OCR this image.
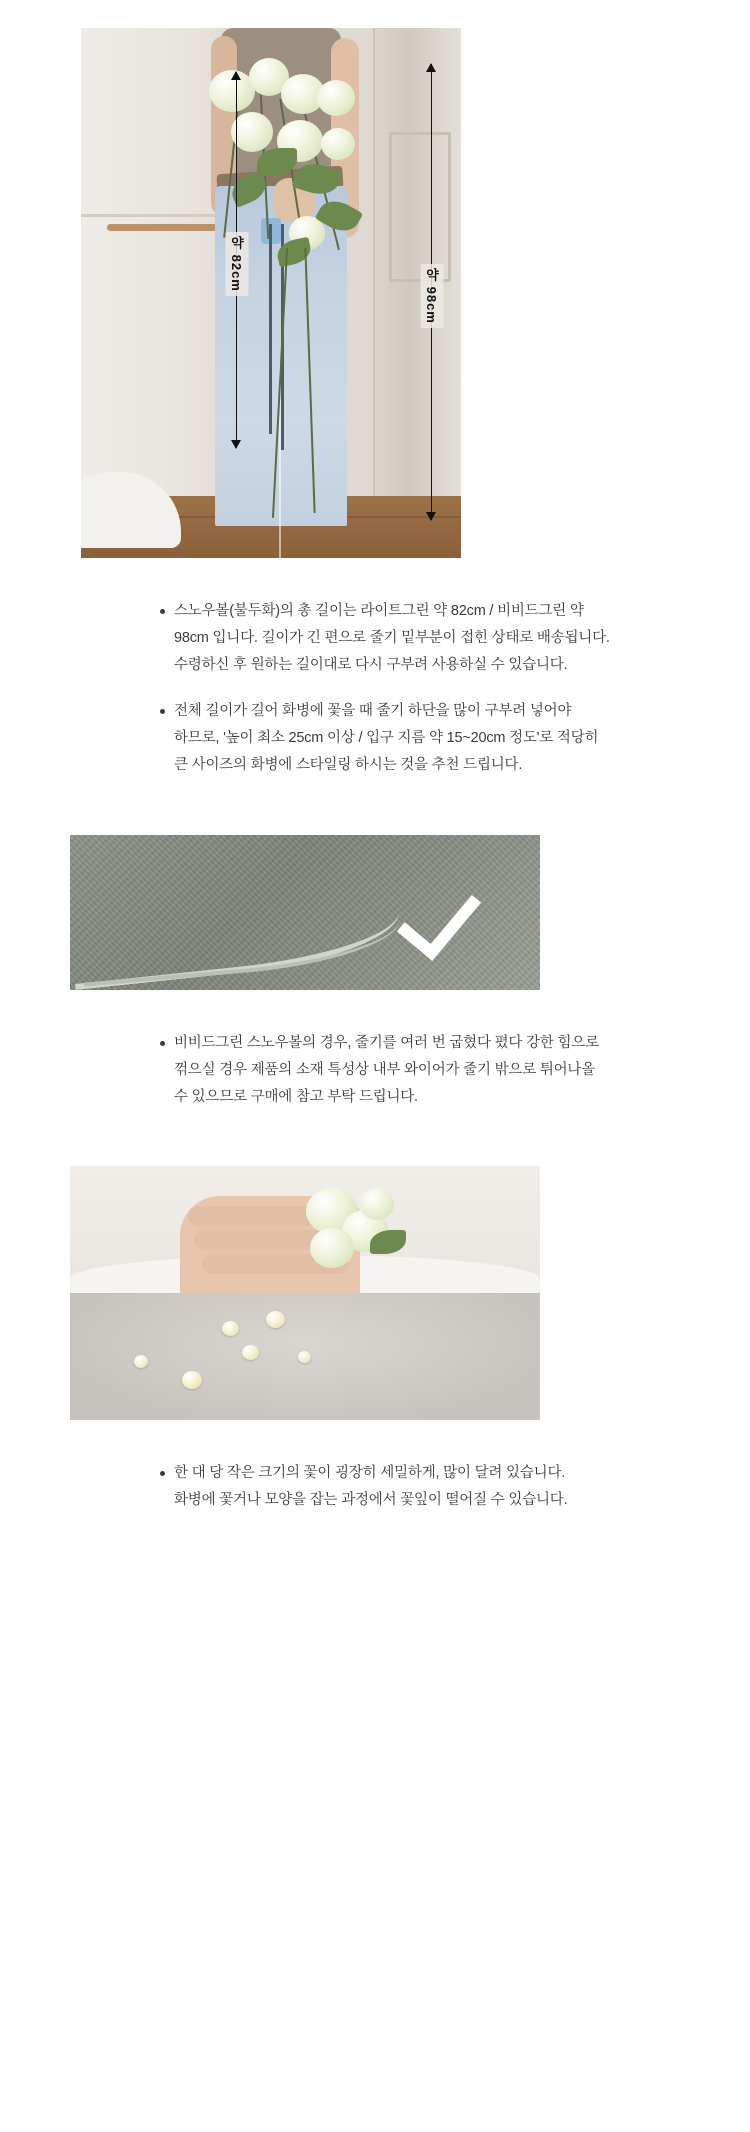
약 82cm
약 98cm
스노우볼(불두화)의 총 길이는 라이트그린 약 82cm / 비비드그린 약 98cm 입니다. 길이가 긴 편으로 줄기 밑부분이 접힌 상태로 배송됩니다. 수령하신 후 원하는 길이대로 다시 구부려 사용하실 수 있습니다.
전체 길이가 길어 화병에 꽃을 때 줄기 하단을 많이 구부려 넣어야 하므로, '높이 최소 25cm 이상 / 입구 지름 약 15~20cm 정도'로 적당히 큰 사이즈의 화병에 스타일링 하시는 것을 추천 드립니다.
비비드그린 스노우볼의 경우, 줄기를 여러 번 굽혔다 폈다 강한 힘으로 꺾으실 경우 제품의 소재 특성상 내부 와이어가 줄기 밖으로 튀어나올 수 있으므로 구매에 참고 부탁 드립니다.
한 대 당 작은 크기의 꽃이 굉장히 세밀하게, 많이 달려 있습니다. 화병에 꽃거나 모양을 잡는 과정에서 꽃잎이 떨어질 수 있습니다.
